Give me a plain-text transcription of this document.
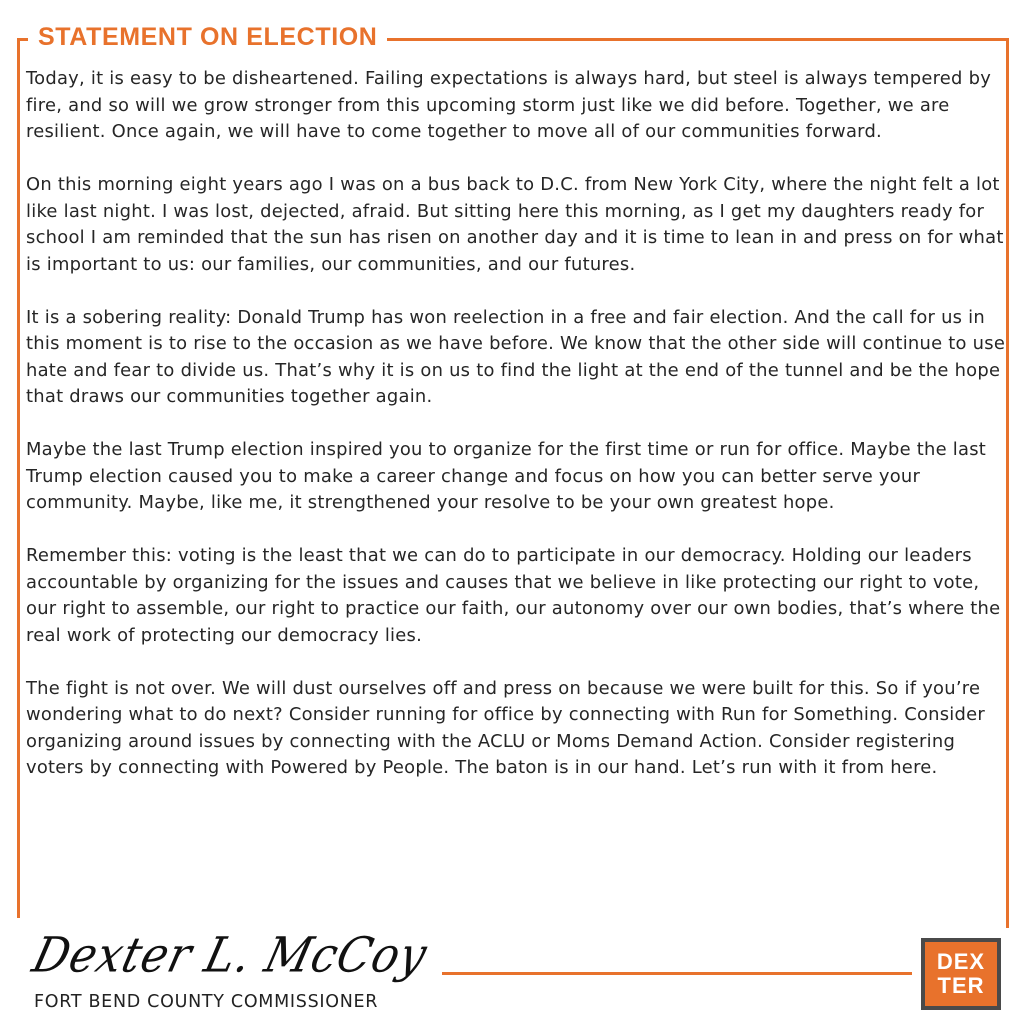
STATEMENT ON ELECTION

Today, it is easy to be disheartened. Failing expectations is always hard, but steel is always tempered by fire, and so will we grow stronger from this upcoming storm just like we did before. Together, we are resilient. Once again, we will have to come together to move all of our communities forward.

On this morning eight years ago I was on a bus back to D.C. from New York City, where the night felt a lot like last night. I was lost, dejected, afraid. But sitting here this morning, as I get my daughters ready for school I am reminded that the sun has risen on another day and it is time to lean in and press on for what is important to us: our families, our communities, and our futures.

It is a sobering reality: Donald Trump has won reelection in a free and fair election. And the call for us in this moment is to rise to the occasion as we have before. We know that the other side will continue to use hate and fear to divide us. That’s why it is on us to find the light at the end of the tunnel and be the hope that draws our communities together again.

Maybe the last Trump election inspired you to organize for the first time or run for office. Maybe the last Trump election caused you to make a career change and focus on how you can better serve your community. Maybe, like me, it strengthened your resolve to be your own greatest hope.

Remember this: voting is the least that we can do to participate in our democracy. Holding our leaders accountable by organizing for the issues and causes that we believe in like protecting our right to vote, our right to assemble, our right to practice our faith, our autonomy over our own bodies, that’s where the real work of protecting our democracy lies.

The fight is not over. We will dust ourselves off and press on because we were built for this. So if you’re wondering what to do next? Consider running for office by connecting with Run for Something. Consider organizing around issues by connecting with the ACLU or Moms Demand Action. Consider registering voters by connecting with Powered by People. The baton is in our hand. Let’s run with it from here.

Dexter L. McCoy
FORT BEND COUNTY COMMISSIONER
DEX
TER
